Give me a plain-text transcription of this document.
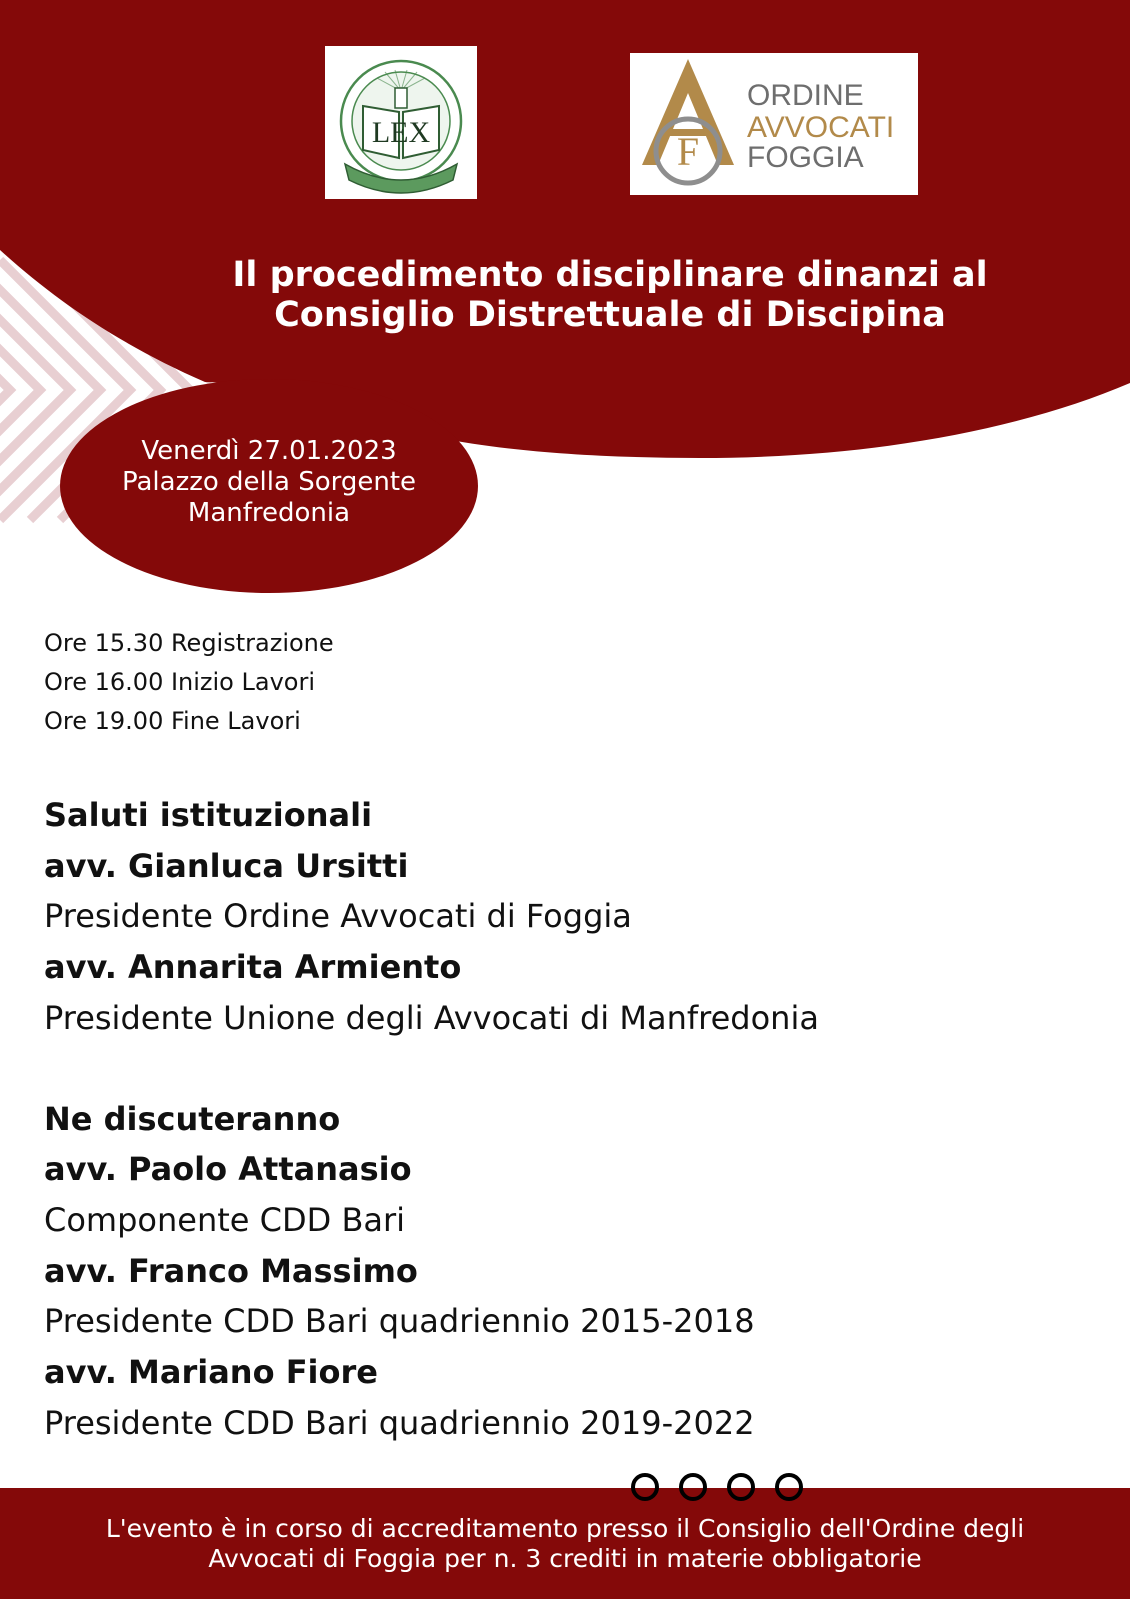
LEX	F
ORDINE
AVVOCATI
FOGGIA
Il procedimento disciplinare dinanzi al
Consiglio Distrettuale di Discipina
Venerdì 27.01.2023
Palazzo della Sorgente
Manfredonia
Ore 15.30 Registrazione
Ore 16.00 Inizio Lavori
Ore 19.00 Fine Lavori
Saluti istituzionali
avv. Gianluca Ursitti
Presidente Ordine Avvocati di Foggia
avv. Annarita Armiento
Presidente Unione degli Avvocati di Manfredonia
Ne discuteranno
avv. Paolo Attanasio
Componente CDD Bari
avv. Franco Massimo
Presidente CDD Bari quadriennio 2015-2018
avv. Mariano Fiore
Presidente CDD Bari quadriennio 2019-2022
L'evento è in corso di accreditamento presso il Consiglio dell'Ordine degli
Avvocati di Foggia per n. 3 crediti in materie obbligatorie
